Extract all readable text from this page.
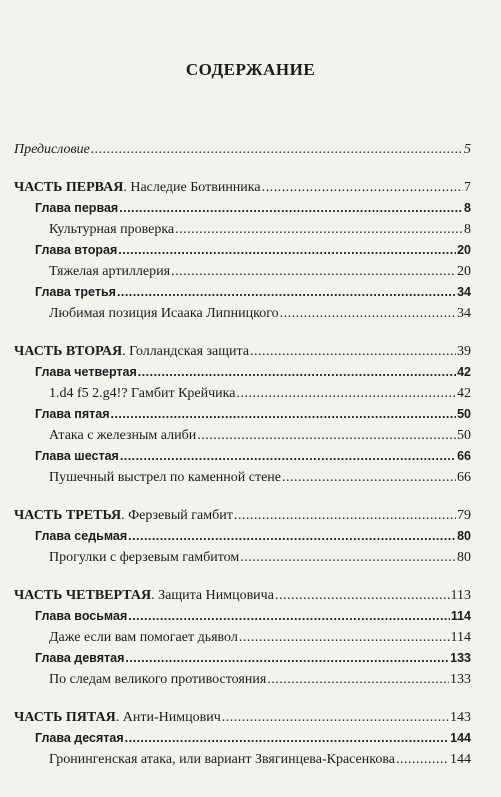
СОДЕРЖАНИЕ
Предисловие . . .	5
ЧАСТЬ ПЕРВАЯ. Наследие Ботвинника . . .	7
Глава первая . . .	8
Культурная проверка . . .	8
Глава вторая . . .	20
Тяжелая артиллерия . . .	20
Глава третья . . .	34
Любимая позиция Исаака Липницкого . . .	34
ЧАСТЬ ВТОРАЯ. Голландская защита . . .	39
Глава четвертая . . .	42
1.d4 f5 2.g4!? Гамбит Крейчика . . .	42
Глава пятая . . .	50
Атака с железным алиби . . .	50
Глава шестая . . .	66
Пушечный выстрел по каменной стене . . .	66
ЧАСТЬ ТРЕТЬЯ. Ферзевый гамбит . . .	79
Глава седьмая . . .	80
Прогулки с ферзевым гамбитом . . .	80
ЧАСТЬ ЧЕТВЕРТАЯ. Защита Нимцовича . . .	113
Глава восьмая . . .	114
Даже если вам помогает дьявол . . .	114
Глава девятая . . .	133
По следам великого противостояния . . .	133
ЧАСТЬ ПЯТАЯ. Анти-Нимцович . . .	143
Глава десятая . . .	144
Гронингенская атака, или вариант Звягинцева-Красенкова . . .	144
